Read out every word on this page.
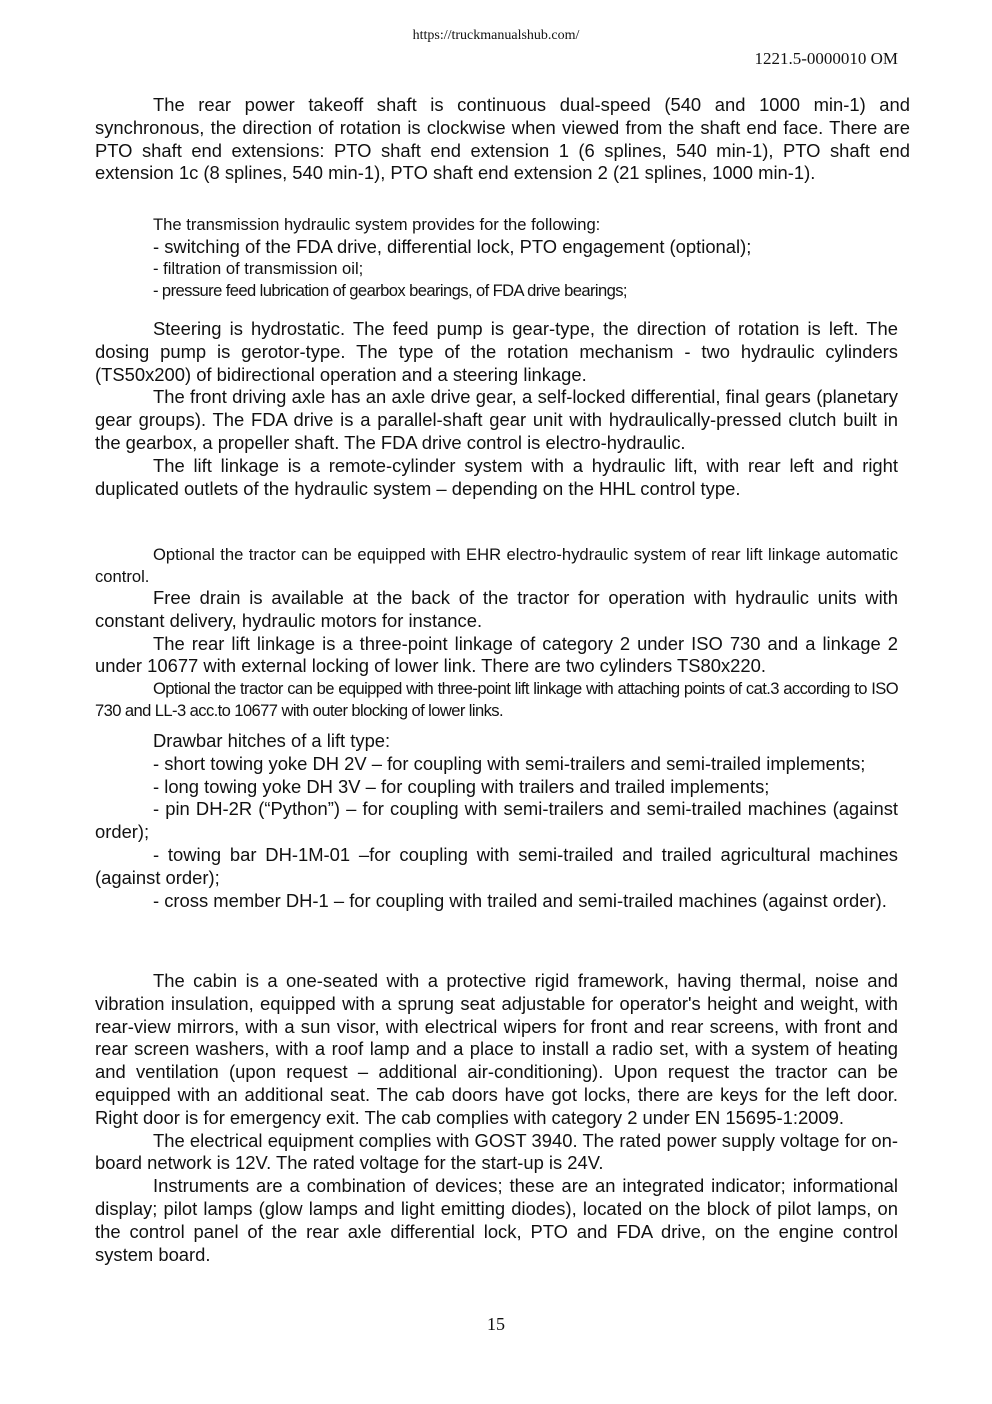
https://truckmanualshub.com/
1221.5-0000010 OM

The rear power takeoff shaft is continuous dual-speed (540 and 1000 min-1) and synchronous, the direction of rotation is clockwise when viewed from the shaft end face. There are PTO shaft end extensions: PTO shaft end extension 1 (6 splines, 540 min-1), PTO shaft end extension 1c (8 splines, 540 min-1), PTO shaft end extension 2 (21 splines, 1000 min-1).

The transmission hydraulic system provides for the following:

- switching of the FDA drive, differential lock, PTO engagement (optional);

- filtration of transmission oil;

- pressure feed lubrication of gearbox bearings, of FDA drive bearings;

Steering is hydrostatic. The feed pump is gear-type, the direction of rotation is left. The dosing pump is gerotor-type. The type of the rotation mechanism - two hydraulic cylinders (TS50x200) of bidirectional operation and a steering linkage.

The front driving axle has an axle drive gear, a self-locked differential, final gears (planetary gear groups). The FDA drive is a parallel-shaft gear unit with hydraulically-pressed clutch built in the gearbox, a propeller shaft. The FDA drive control is electro-hydraulic.

The lift linkage is a remote-cylinder system with a hydraulic lift, with rear left and right duplicated outlets of the hydraulic system – depending on the HHL control type.

Optional the tractor can be equipped with EHR electro-hydraulic system of rear lift linkage automatic control.

Free drain is available at the back of the tractor for operation with hydraulic units with constant delivery, hydraulic motors for instance.

The rear lift linkage is a three-point linkage of category 2 under ISO 730 and a linkage 2 under 10677 with external locking of lower link. There are two cylinders TS80x220.

Optional the tractor can be equipped with three-point lift linkage with attaching points of cat.3 according to ISO 730 and LL-3 acc.to 10677 with outer blocking of lower links.

Drawbar hitches of a lift type:

- short towing yoke DH 2V – for coupling with semi-trailers and semi-trailed implements;

- long towing yoke DH 3V – for coupling with trailers and trailed implements;

- pin DH-2R (“Python”) – for coupling with semi-trailers and semi-trailed machines (against order);

- towing bar DH-1M-01 –for coupling with semi-trailed and trailed agricultural machines (against order);

- cross member DH-1 – for coupling with trailed and semi-trailed machines (against order).

The cabin is a one-seated with a protective rigid framework, having thermal, noise and vibration insulation, equipped with a sprung seat adjustable for operator's height and weight, with rear-view mirrors, with a sun visor, with electrical wipers for front and rear screens, with front and rear screen washers, with a roof lamp and a place to install a radio set, with a system of heating and ventilation (upon request – additional air-conditioning). Upon request the tractor can be equipped with an additional seat. The cab doors have got locks, there are keys for the left door. Right door is for emergency exit. The cab complies with category 2 under EN 15695-1:2009.

The electrical equipment complies with GOST 3940. The rated power supply voltage for on-board network is 12V. The rated voltage for the start-up is 24V.

Instruments are a combination of devices; these are an integrated indicator; informational display; pilot lamps (glow lamps and light emitting diodes), located on the block of pilot lamps, on the control panel of the rear axle differential lock, PTO and FDA drive, on the engine control system board.

15
